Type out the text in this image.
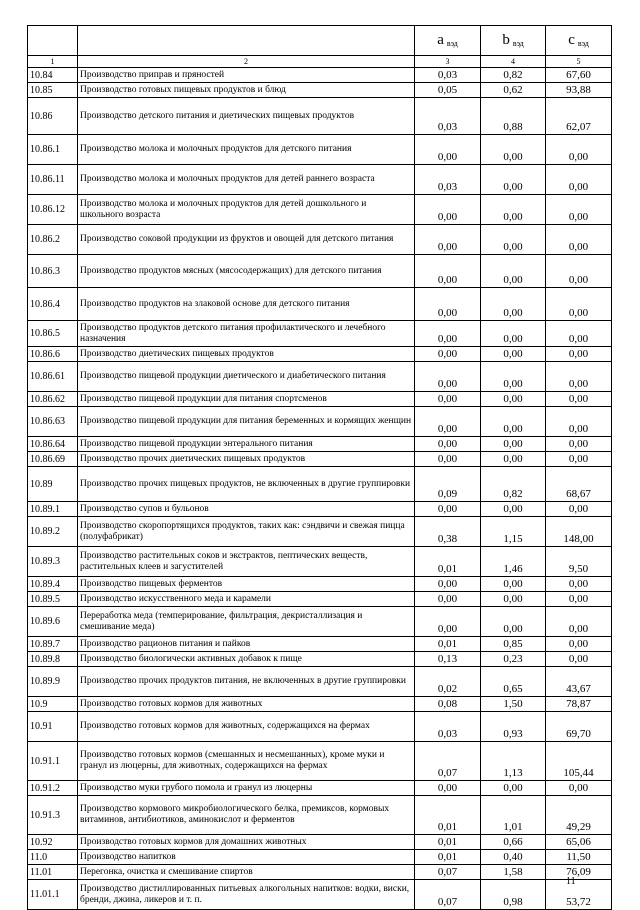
		a $_{вэд}$	b $_{вэд}$	c $_{вэд}$
1	2	3	4	5
10.84	Производство приправ и пряностей	0,03	0,82	67,60
10.85	Производство готовых пищевых продуктов и блюд	0,05	0,62	93,88
10.86	Производство детского питания и диетических пищевых продуктов	0,03	0,88	62,07
10.86.1	Производство молока и молочных продуктов для детского питания	0,00	0,00	0,00
10.86.11	Производство молока и молочных продуктов для детей раннего возраста	0,03	0,00	0,00
10.86.12	Производство молока и молочных продуктов для детей дошкольного и школьного возраста	0,00	0,00	0,00
10.86.2	Производство соковой продукции из фруктов и овощей для детского питания	0,00	0,00	0,00
10.86.3	Производство продуктов мясных (мясосодержащих) для детского питания	0,00	0,00	0,00
10.86.4	Производство продуктов на злаковой основе для детского питания	0,00	0,00	0,00
10.86.5	Производство продуктов детского питания профилактического и лечебного назначения	0,00	0,00	0,00
10.86.6	Производство диетических пищевых продуктов	0,00	0,00	0,00
10.86.61	Производство пищевой продукции диетического и диабетического питания	0,00	0,00	0,00
10.86.62	Производство пищевой продукции для питания спортсменов	0,00	0,00	0,00
10.86.63	Производство пищевой продукции для питания беременных и кормящих женщин	0,00	0,00	0,00
10.86.64	Производство пищевой продукции энтерального питания	0,00	0,00	0,00
10.86.69	Производство прочих диетических пищевых продуктов	0,00	0,00	0,00
10.89	Производство прочих пищевых продуктов, не включенных в другие группировки	0,09	0,82	68,67
10.89.1	Производство супов и бульонов	0,00	0,00	0,00
10.89.2	Производство скоропортящихся продуктов, таких как: сэндвичи и свежая пицца (полуфабрикат)	0,38	1,15	148,00
10.89.3	Производство растительных соков и экстрактов, пептических веществ, растительных клеев и загустителей	0,01	1,46	9,50
10.89.4	Производство пищевых ферментов	0,00	0,00	0,00
10.89.5	Производство искусственного меда и карамели	0,00	0,00	0,00
10.89.6	Переработка меда (темперирование, фильтрация, декристаллизация и смешивание меда)	0,00	0,00	0,00
10.89.7	Производство рационов питания и пайков	0,01	0,85	0,00
10.89.8	Производство биологически активных добавок к пище	0,13	0,23	0,00
10.89.9	Производство прочих продуктов питания, не включенных в другие группировки	0,02	0,65	43,67
10.9	Производство готовых кормов для животных	0,08	1,50	78,87
10.91	Производство готовых кормов для животных, содержащихся на фермах	0,03	0,93	69,70
10.91.1	Производство готовых кормов (смешанных и несмешанных), кроме муки и гранул из люцерны, для животных, содержащихся на фермах	0,07	1,13	105,44
10.91.2	Производство муки грубого помола и гранул из люцерны	0,00	0,00	0,00
10.91.3	Производство кормового микробиологического белка, премиксов, кормовых витаминов, антибиотиков, аминокислот и ферментов	0,01	1,01	49,29
10.92	Производство готовых кормов для домашних животных	0,01	0,66	65,06
11.0	Производство напитков	0,01	0,40	11,50
11.01	Перегонка, очистка и смешивание спиртов	0,07	1,58	76,09
11.01.1	Производство дистиллированных питьевых алкогольных напитков: водки, виски, бренди, джина, ликеров и т. п.	0,07	0,98	53,72
11
